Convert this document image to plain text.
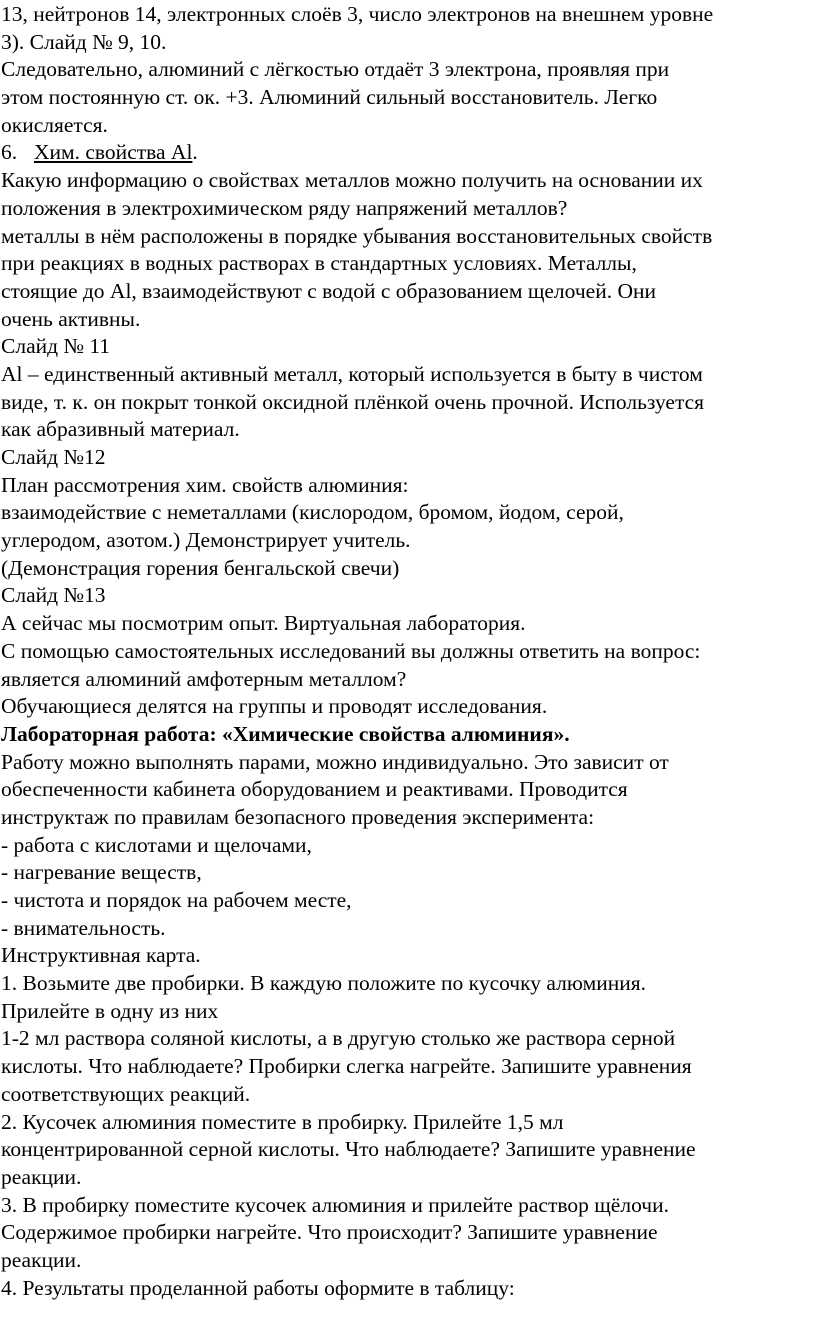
13, нейтронов 14, электронных слоёв 3, число электронов на внешнем уровне
3). Слайд № 9, 10.
Следовательно, алюминий с лёгкостью отдаёт 3 электрона, проявляя при
этом постоянную ст. ок. +3. Алюминий сильный восстановитель. Легко
окисляется.
6. Хим. свойства Al.
Какую информацию о свойствах металлов можно получить на основании их
положения в электрохимическом ряду напряжений металлов?
металлы в нём расположены в порядке убывания восстановительных свойств
при реакциях в водных растворах в стандартных условиях. Металлы,
стоящие до Al, взаимодействуют с водой с образованием щелочей. Они
очень активны.
Слайд № 11
Al – единственный активный металл, который используется в быту в чистом
виде, т. к. он покрыт тонкой оксидной плёнкой очень прочной. Используется
как абразивный материал.
Слайд №12
План рассмотрения хим. свойств алюминия:
взаимодействие с неметаллами (кислородом, бромом, йодом, серой,
углеродом, азотом.) Демонстрирует учитель.
(Демонстрация горения бенгальской свечи)
Слайд №13
А сейчас мы посмотрим опыт. Виртуальная лаборатория.
С помощью самостоятельных исследований вы должны ответить на вопрос:
является алюминий амфотерным металлом?
Обучающиеся делятся на группы и проводят исследования.
Лабораторная работа: «Химические свойства алюминия».
Работу можно выполнять парами, можно индивидуально. Это зависит от
обеспеченности кабинета оборудованием и реактивами. Проводится
инструктаж по правилам безопасного проведения эксперимента:
- работа с кислотами и щелочами,
- нагревание веществ,
- чистота и порядок на рабочем месте,
- внимательность.
Инструктивная карта.
1. Возьмите две пробирки. В каждую положите по кусочку алюминия.
Прилейте в одну из них
1-2 мл раствора соляной кислоты, а в другую столько же раствора серной
кислоты. Что наблюдаете? Пробирки слегка нагрейте. Запишите уравнения
соответствующих реакций.
2. Кусочек алюминия поместите в пробирку. Прилейте 1,5 мл
концентрированной серной кислоты. Что наблюдаете? Запишите уравнение
реакции.
3. В пробирку поместите кусочек алюминия и прилейте раствор щёлочи.
Содержимое пробирки нагрейте. Что происходит? Запишите уравнение
реакции.
4. Результаты проделанной работы оформите в таблицу:
